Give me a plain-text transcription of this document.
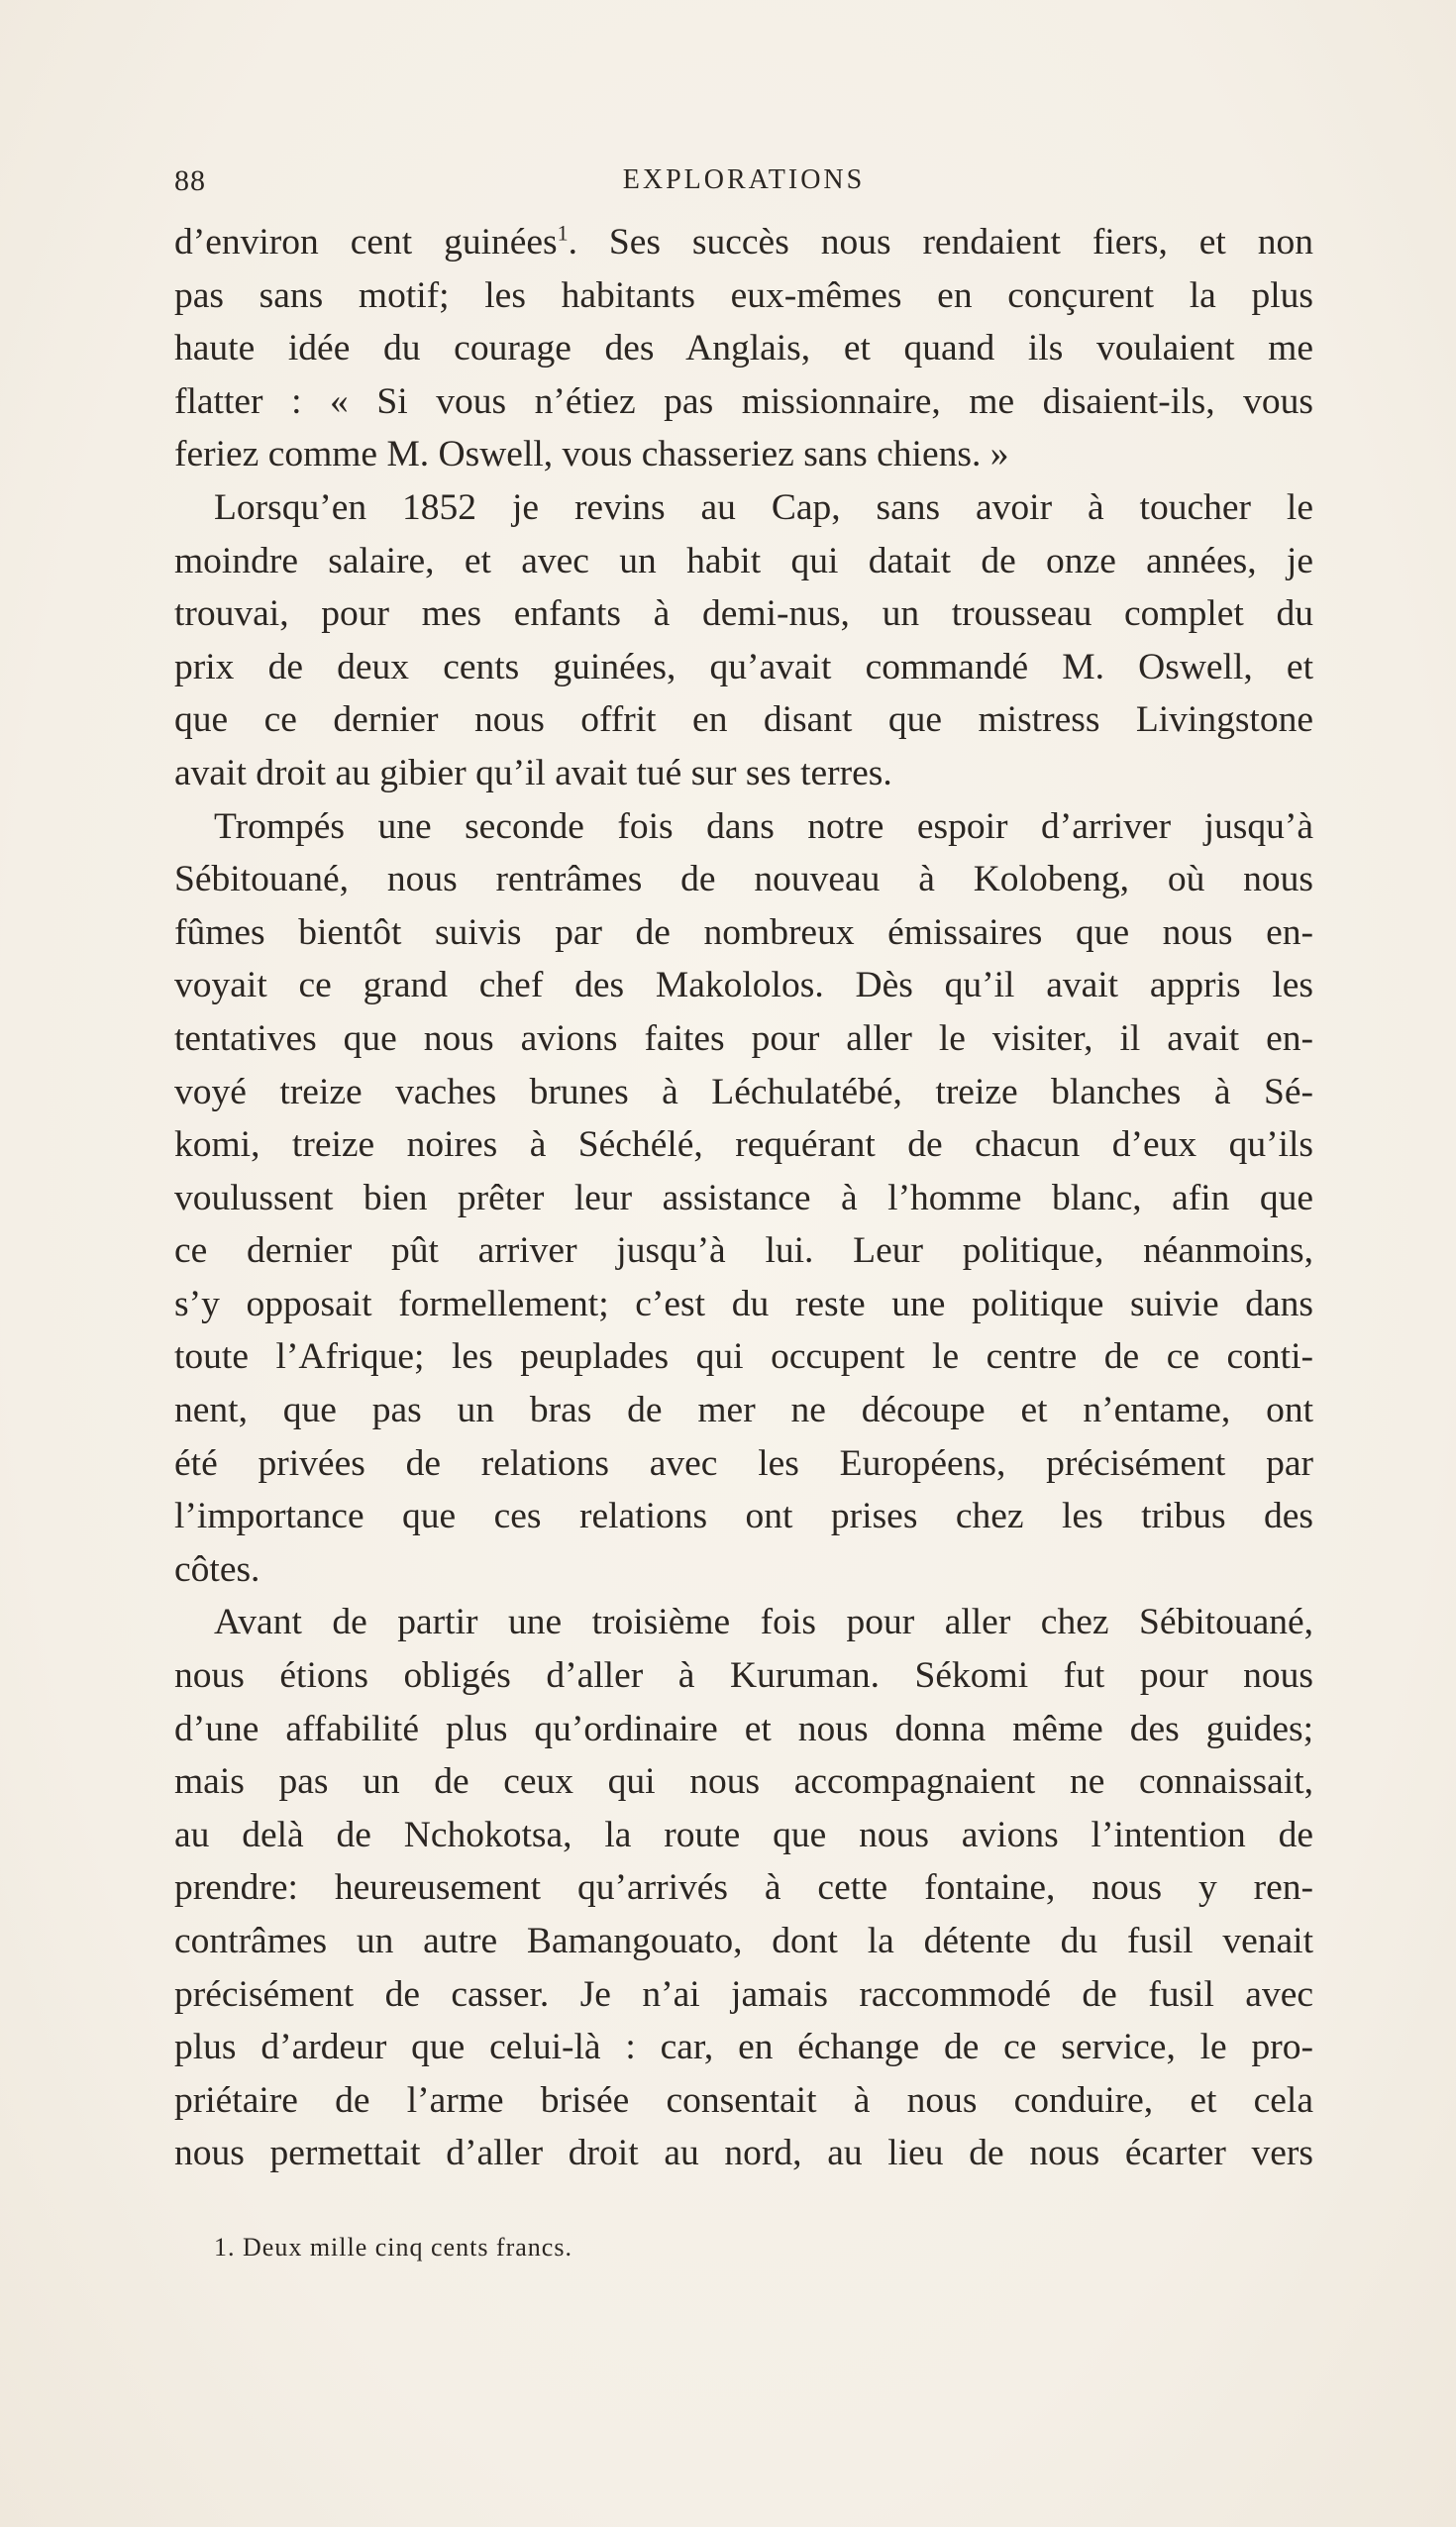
88	EXPLORATIONS
d’environ cent guinées$^1$. Ses succès nous rendaient fiers, et non
pas sans motif; les habitants eux-mêmes en conçurent la plus
haute idée du courage des Anglais, et quand ils voulaient me
flatter : « Si vous n’étiez pas missionnaire, me disaient-ils, vous
feriez comme M. Oswell, vous chasseriez sans chiens. »
Lorsqu’en 1852 je revins au Cap, sans avoir à toucher le
moindre salaire, et avec un habit qui datait de onze années, je
trouvai, pour mes enfants à demi-nus, un trousseau complet du
prix de deux cents guinées, qu’avait commandé M. Oswell, et
que ce dernier nous offrit en disant que mistress Livingstone
avait droit au gibier qu’il avait tué sur ses terres.
Trompés une seconde fois dans notre espoir d’arriver jusqu’à
Sébitouané, nous rentrâmes de nouveau à Kolobeng, où nous
fûmes bientôt suivis par de nombreux émissaires que nous en-
voyait ce grand chef des Makololos. Dès qu’il avait appris les
tentatives que nous avions faites pour aller le visiter, il avait en-
voyé treize vaches brunes à Léchulatébé, treize blanches à Sé-
komi, treize noires à Séchélé, requérant de chacun d’eux qu’ils
voulussent bien prêter leur assistance à l’homme blanc, afin que
ce dernier pût arriver jusqu’à lui. Leur politique, néanmoins,
s’y opposait formellement; c’est du reste une politique suivie dans
toute l’Afrique; les peuplades qui occupent le centre de ce conti-
nent, que pas un bras de mer ne découpe et n’entame, ont
été privées de relations avec les Européens, précisément par
l’importance que ces relations ont prises chez les tribus des
côtes.
Avant de partir une troisième fois pour aller chez Sébitouané,
nous étions obligés d’aller à Kuruman. Sékomi fut pour nous
d’une affabilité plus qu’ordinaire et nous donna même des guides;
mais pas un de ceux qui nous accompagnaient ne connaissait,
au delà de Nchokotsa, la route que nous avions l’intention de
prendre: heureusement qu’arrivés à cette fontaine, nous y ren-
contrâmes un autre Bamangouato, dont la détente du fusil venait
précisément de casser. Je n’ai jamais raccommodé de fusil avec
plus d’ardeur que celui-là : car, en échange de ce service, le pro-
priétaire de l’arme brisée consentait à nous conduire, et cela
nous permettait d’aller droit au nord, au lieu de nous écarter vers
1. Deux mille cinq cents francs.
